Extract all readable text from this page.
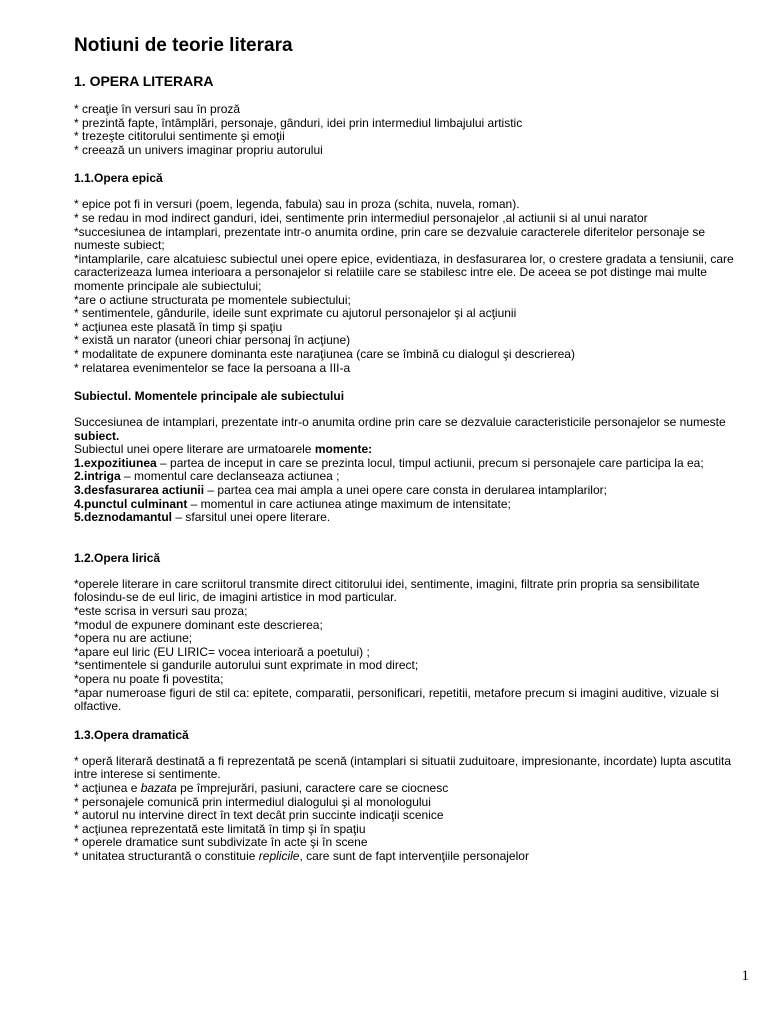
Notiuni de teorie literara
1. OPERA LITERARA

* creaţie în versuri sau în proză

* prezintă fapte, întâmplări, personaje, gânduri, idei prin intermediul limbajului artistic

* trezeşte cititorului sentimente şi emoţii

* creează un univers imaginar propriu autorului

1.1.Opera epică

* epice pot fi in versuri (poem, legenda, fabula) sau in proza (schita, nuvela, roman).

* se redau in mod indirect ganduri, idei, sentimente prin intermediul personajelor ,al actiunii si al unui narator

*succesiunea de intamplari, prezentate intr-o anumita ordine, prin care se dezvaluie caracterele diferitelor personaje se numeste subiect;

*intamplarile, care alcatuiesc subiectul unei opere epice, evidentiaza, in desfasurarea lor, o crestere gradata a tensiunii, care caracterizeaza lumea interioara a personajelor si relatiile care se stabilesc intre ele. De aceea se pot distinge mai multe momente principale ale subiectului;

*are o actiune structurata pe momentele subiectului;

* sentimentele, gândurile, ideile sunt exprimate cu ajutorul personajelor şi al acţiunii

* acţiunea este plasată în timp şi spaţiu

* există un narator (uneori chiar personaj în acţiune)

* modalitate de expunere dominanta este naraţiunea (care se îmbină cu dialogul şi descrierea)

* relatarea evenimentelor se face la persoana a III-a

Subiectul. Momentele principale ale subiectului

Succesiunea de intamplari, prezentate intr-o anumita ordine prin care se dezvaluie caracteristicile personajelor se numeste subiect.

Subiectul unei opere literare are urmatoarele momente:

1.expozitiunea – partea de inceput in care se prezinta locul, timpul actiunii, precum si personajele care participa la ea;

2.intriga – momentul care declanseaza actiunea ;

3.desfasurarea actiunii – partea cea mai ampla a unei opere care consta in derularea intamplarilor;

4.punctul culminant – momentul in care actiunea atinge maximum de intensitate;

5.deznodamantul – sfarsitul unei opere literare.

1.2.Opera lirică

*operele literare in care scriitorul transmite direct cititorului idei, sentimente, imagini, filtrate prin propria sa sensibilitate folosindu-se de eul liric, de imagini artistice in mod particular.

*este scrisa in versuri sau proza;

*modul de expunere dominant este descrierea;

*opera nu are actiune;

*apare eul liric (EU LIRIC= vocea interioară a poetului) ;

*sentimentele si gandurile autorului sunt exprimate in mod direct;

*opera nu poate fi povestita;

*apar numeroase figuri de stil ca: epitete, comparatii, personificari, repetitii, metafore precum si imagini auditive, vizuale si olfactive.

1.3.Opera dramatică

* operă literară destinată a fi reprezentată pe scenă (intamplari si situatii zuduitoare, impresionante, incordate) lupta ascutita intre interese si sentimente.

* acţiunea e bazata pe împrejurări, pasiuni, caractere care se ciocnesc

* personajele comunică prin intermediul dialogului şi al monologului

* autorul nu intervine direct în text decât prin succinte indicaţii scenice

* acţiunea reprezentată este limitată în timp şi în spaţiu

* operele dramatice sunt subdivizate în acte şi în scene

* unitatea structurantă o constituie replicile, care sunt de fapt intervenţiile personajelor

1
